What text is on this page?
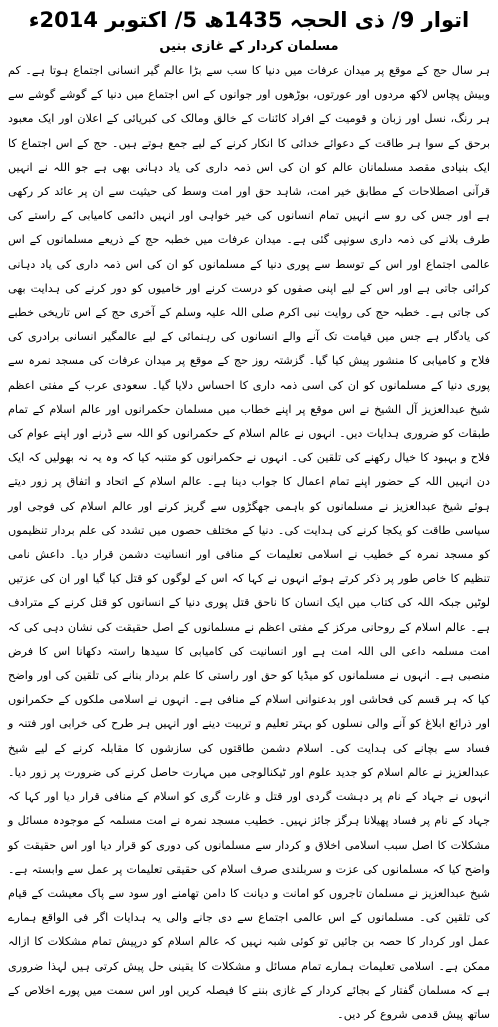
اتوار 9/ ذی الحجہ 1435ھ 5/ اکتوبر 2014ء
مسلمان کردار کے غازی بنیں

ہر سال حج کے موقع پر میدان عرفات میں دنیا کا سب سے بڑا عالم گیر انسانی اجتماع ہوتا ہے۔ کم وبیش پچاس لاکھ مردوں اور عورتوں، بوڑھوں اور جوانوں کے اس اجتماع میں دنیا کے گوشے گوشے سے ہر رنگ، نسل اور زبان و قومیت کے افراد کائنات کے خالق ومالک کی کبریائی کے اعلان اور ایک معبود برحق کے سوا ہر طاقت کے دعوائے خدائی کا انکار کرنے کے لیے جمع ہوتے ہیں۔ حج کے اس اجتماع کا ایک بنیادی مقصد مسلمانان عالم کو ان کی اس ذمہ داری کی یاد دہانی بھی ہے جو اللہ نے انہیں قرآنی اصطلاحات کے مطابق خیر امت، شاہد حق اور امت وسط کی حیثیت سے ان پر عائد کر رکھی ہے اور جس کی رو سے انہیں تمام انسانوں کی خیر خواہی اور انہیں دائمی کامیابی کے راستے کی طرف بلانے کی ذمہ داری سونپی گئی ہے۔ میدان عرفات میں خطبہ حج کے ذریعے مسلمانوں کے اس عالمی اجتماع اور اس کے توسط سے پوری دنیا کے مسلمانوں کو ان کی اس ذمہ داری کی یاد دہانی کرائی جاتی ہے اور اس کے لیے اپنی صفوں کو درست کرنے اور خامیوں کو دور کرنے کی ہدایت بھی کی جاتی ہے۔ خطبہ حج کی روایت نبی اکرم صلی اللہ علیہ وسلم کے آخری حج کے اس تاریخی خطبے کی یادگار ہے جس میں قیامت تک آنے والے انسانوں کی رہنمائی کے لیے عالمگیر انسانی برادری کی فلاح و کامیابی کا منشور پیش کیا گیا۔ گزشتہ روز حج کے موقع پر میدان عرفات کی مسجد نمرہ سے پوری دنیا کے مسلمانوں کو ان کی اسی ذمہ داری کا احساس دلایا گیا۔ سعودی عرب کے مفتی اعظم شیخ عبدالعزیز آل الشیخ نے اس موقع پر اپنے خطاب میں مسلمان حکمرانوں اور عالم اسلام کے تمام طبقات کو ضروری ہدایات دیں۔ انہوں نے عالم اسلام کے حکمرانوں کو اللہ سے ڈرنے اور اپنے عوام کی فلاح و بہبود کا خیال رکھنے کی تلقین کی۔ انہوں نے حکمرانوں کو متنبہ کیا کہ وہ یہ نہ بھولیں کہ ایک دن انہیں اللہ کے حضور اپنے تمام اعمال کا جواب دینا ہے۔ عالم اسلام کے اتحاد و اتفاق پر زور دیتے ہوئے شیخ عبدالعزیز نے مسلمانوں کو باہمی جھگڑوں سے گریز کرنے اور عالم اسلام کی فوجی اور سیاسی طاقت کو یکجا کرنے کی ہدایت کی۔ دنیا کے مختلف حصوں میں تشدد کی علم بردار تنظیموں کو مسجد نمرہ کے خطیب نے اسلامی تعلیمات کے منافی اور انسانیت دشمن قرار دیا۔ داعش نامی تنظیم کا خاص طور پر ذکر کرتے ہوئے انہوں نے کہا کہ اس کے لوگوں کو قتل کیا گیا اور ان کی عزتیں لوٹیں جبکہ اللہ کی کتاب میں ایک انسان کا ناحق قتل پوری دنیا کے انسانوں کو قتل کرنے کے مترادف ہے۔ عالم اسلام کے روحانی مرکز کے مفتی اعظم نے مسلمانوں کے اصل حقیقت کی نشان دہی کی کہ امت مسلمہ داعی الی اللہ امت ہے اور انسانیت کی کامیابی کا سیدھا راستہ دکھانا اس کا فرض منصبی ہے۔ انہوں نے مسلمانوں کو میڈیا کو حق اور راستی کا علم بردار بنانے کی تلقین کی اور واضح کیا کہ ہر قسم کی فحاشی اور بدعنوانی اسلام کے منافی ہے۔ انہوں نے اسلامی ملکوں کے حکمرانوں اور ذرائع ابلاغ کو آنے والی نسلوں کو بہتر تعلیم و تربیت دینے اور انہیں ہر طرح کی خرابی اور فتنہ و فساد سے بچانے کی ہدایت کی۔ اسلام دشمن طاقتوں کی سازشوں کا مقابلہ کرنے کے لیے شیخ عبدالعزیز نے عالم اسلام کو جدید علوم اور ٹیکنالوجی میں مہارت حاصل کرنے کی ضرورت پر زور دیا۔ انہوں نے جہاد کے نام پر دہشت گردی اور قتل و غارت گری کو اسلام کے منافی قرار دیا اور کہا کہ جہاد کے نام پر فساد پھیلانا ہرگز جائز نہیں۔ خطیب مسجد نمرہ نے امت مسلمہ کے موجودہ مسائل و مشکلات کا اصل سبب اسلامی اخلاق و کردار سے مسلمانوں کی دوری کو قرار دیا اور اس حقیقت کو واضح کیا کہ مسلمانوں کی عزت و سربلندی صرف اسلام کی حقیقی تعلیمات پر عمل سے وابستہ ہے۔ شیخ عبدالعزیز نے مسلمان تاجروں کو امانت و دیانت کا دامن تھامنے اور سود سے پاک معیشت کے قیام کی تلقین کی۔ مسلمانوں کے اس عالمی اجتماع سے دی جانے والی یہ ہدایات اگر فی الواقع ہمارے عمل اور کردار کا حصہ بن جائیں تو کوئی شبہ نہیں کہ عالم اسلام کو درپیش تمام مشکلات کا ازالہ ممکن ہے۔ اسلامی تعلیمات ہمارے تمام مسائل و مشکلات کا یقینی حل پیش کرتی ہیں لہذا ضروری ہے کہ مسلمان گفتار کے بجائے کردار کے غازی بننے کا فیصلہ کریں اور اس سمت میں پورے اخلاص کے ساتھ پیش قدمی شروع کر دیں۔
